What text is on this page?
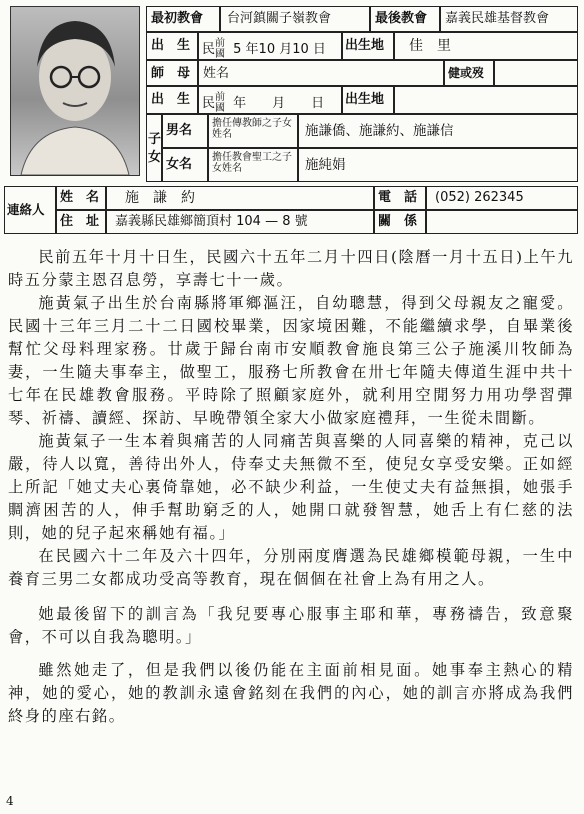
最初教會	台河鎮關子嶺教會	最後教會	嘉義民雄基督教會
出　生 民前國 5 年10 月10 日	出生地	佳　里
師　母 姓名	健或歿
出　生 民前國 年　　月　　日	出生地
子女
男名	擔任傳教師之子女姓名	施謙僑、施謙約、施謙信
女名	擔任教會聖工之子女姓名	施純娟
連絡人
姓　名	施　謙　約	電　話	(052) 262345
住　址	嘉義縣民雄鄉簡頂村 104 — 8 號	關　係

民前五年十月十日生，民國六十五年二月十四日(陰曆一月十五日)上午九時五分蒙主恩召息勞，享壽七十一歲。

施黃氣子出生於台南縣將軍鄉漚汪，自幼聰慧，得到父母親友之寵愛。民國十三年三月二十二日國校畢業，因家境困難，不能繼續求學，自畢業後幫忙父母料理家務。廿歲于歸台南市安順教會施良第三公子施溪川牧師為妻，一生隨夫事奉主，做聖工，服務七所教會在卅七年隨夫傳道生涯中共十七年在民雄教會服務。平時除了照顧家庭外，就利用空閒努力用功學習彈琴、祈禱、讀經、探訪、早晚帶領全家大小做家庭禮拜，一生從未間斷。

施黃氣子一生本着與痛苦的人同痛苦與喜樂的人同喜樂的精神，克己以嚴，待人以寬，善待出外人，侍奉丈夫無微不至，使兒女享受安樂。正如經上所記「她丈夫心裏倚靠她，必不缺少利益，一生使丈夫有益無損，她張手賙濟困苦的人，伸手幫助窮乏的人，她開口就發智慧，她舌上有仁慈的法則，她的兒子起來稱她有福。」

在民國六十二年及六十四年，分別兩度膺選為民雄鄉模範母親，一生中養育三男二女都成功受高等教育，現在個個在社會上為有用之人。

她最後留下的訓言為「我兒要專心服事主耶和華，專務禱告，致意聚會，不可以自我為聰明。」

雖然她走了，但是我們以後仍能在主面前相見面。她事奉主熱心的精神，她的愛心，她的教訓永遠會銘刻在我們的內心，她的訓言亦將成為我們終身的座右銘。

4
